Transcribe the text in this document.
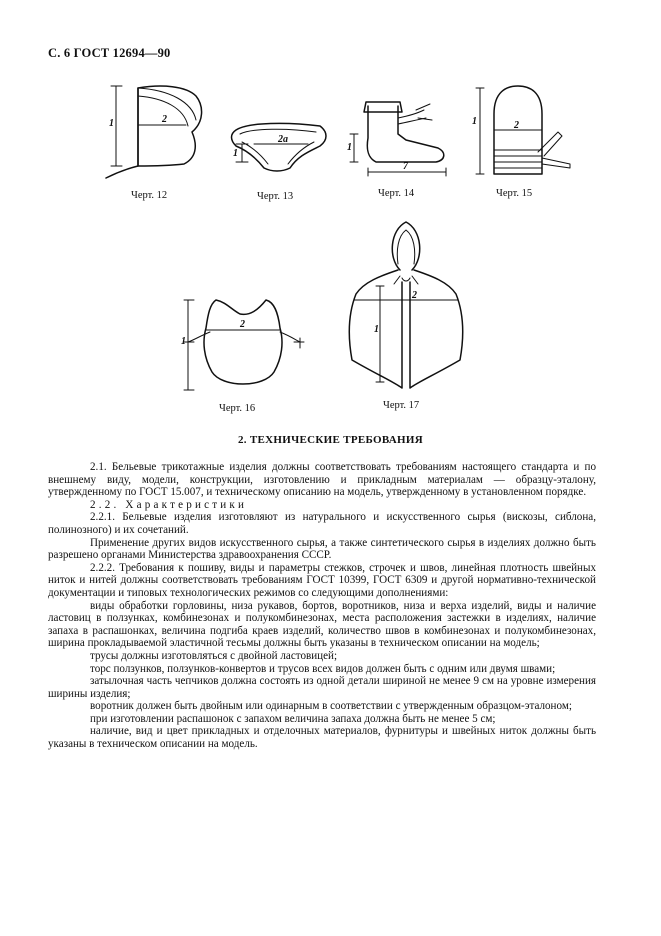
С. 6 ГОСТ 12694—90
1	2
1
2а
1
7
1	2
1
2	1
2
Черт. 12	Черт. 13	Черт. 14	Черт. 15
Черт. 16	Черт. 17
2. ТЕХНИЧЕСКИЕ ТРЕБОВАНИЯ

2.1. Бельевые трикотажные изделия должны соответствовать требованиям настоящего стандарта и по внешнему виду, модели, конструкции, изготовлению и прикладным материалам — образцу-эталону, утвержденному по ГОСТ 15.007, и техническому описанию на модель, утвержденному в установленном порядке.

2.2. Характеристики

2.2.1. Бельевые изделия изготовляют из натурального и искусственного сырья (вискозы, сиблона, полинозного) и их сочетаний.

Применение других видов искусственного сырья, а также синтетического сырья в изделиях должно быть разрешено органами Министерства здравоохранения СССР.

2.2.2. Требования к пошиву, виды и параметры стежков, строчек и швов, линейная плотность швейных ниток и нитей должны соответствовать требованиям ГОСТ 10399, ГОСТ 6309 и другой нормативно-технической документации и типовых технологических режимов со следующими дополнениями:

виды обработки горловины, низа рукавов, бортов, воротников, низа и верха изделий, виды и наличие ластовиц в ползунках, комбинезонах и полукомбинезонах, места расположения застежки в изделиях, наличие запаха в распашонках, величина подгиба краев изделий, количество швов в комбинезонах и полукомбинезонах, ширина прокладываемой эластичной тесьмы должны быть указаны в техническом описании на модель;

трусы должны изготовляться с двойной ластовицей;

торс ползунков, ползунков-конвертов и трусов всех видов должен быть с одним или двумя швами;

затылочная часть чепчиков должна состоять из одной детали шириной не менее 9 см на уровне измерения ширины изделия;

воротник должен быть двойным или одинарным в соответствии с утвержденным образцом-эталоном;

при изготовлении распашонок с запахом величина запаха должна быть не менее 5 см;

наличие, вид и цвет прикладных и отделочных материалов, фурнитуры и швейных ниток должны быть указаны в техническом описании на модель.
